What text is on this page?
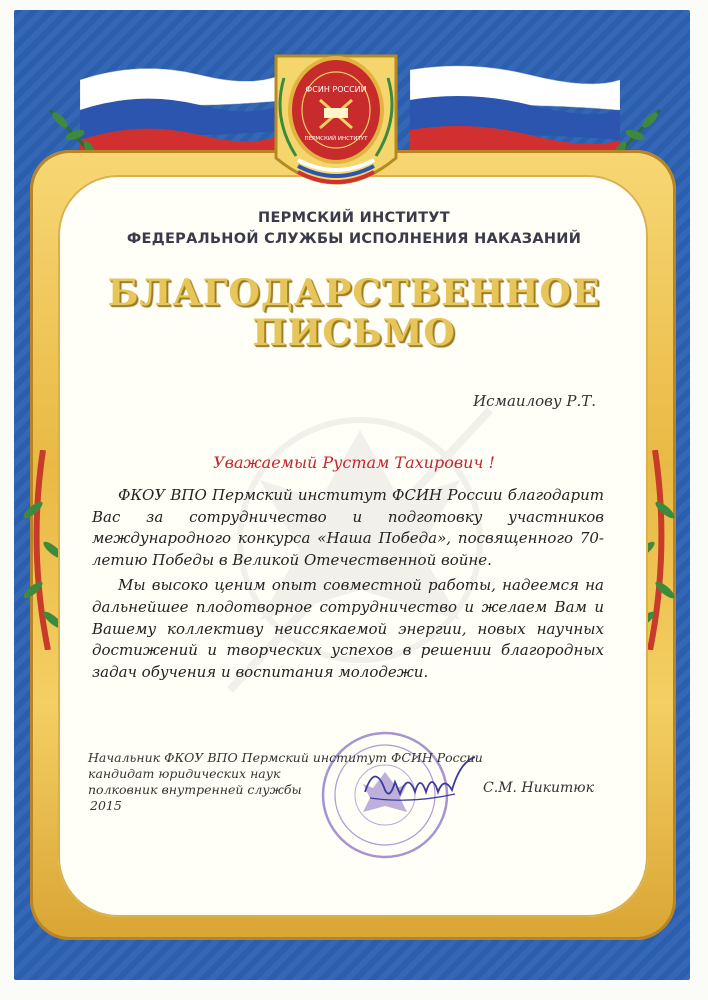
ФСИН РОССИИ
ПЕРМСКИЙ ИНСТИТУТ
ПЕРМСКИЙ ИНСТИТУТ
ФЕДЕРАЛЬНОЙ СЛУЖБЫ ИСПОЛНЕНИЯ НАКАЗАНИЙ
БЛАГОДАРСТВЕННОЕ
ПИСЬМО
Исмаилову Р.Т.
Уважаемый Рустам Тахирович !

ФКОУ ВПО Пермский институт ФСИН России благодарит Вас за сотрудничество и подготовку участников международного конкурса «Наша Победа», посвященного 70-летию Победы в Великой Отечественной войне.

Мы высоко ценим опыт совместной работы, надеемся на дальнейшее плодотворное сотрудничество и желаем Вам и Вашему коллективу неиссякаемой энергии, новых научных достижений и творческих успехов в решении благородных задач обучения и воспитания молодежи.

Начальник ФКОУ ВПО Пермский институт ФСИН России
кандидат юридических наук
полковник внутренней службы
2015
С.М. Никитюк
